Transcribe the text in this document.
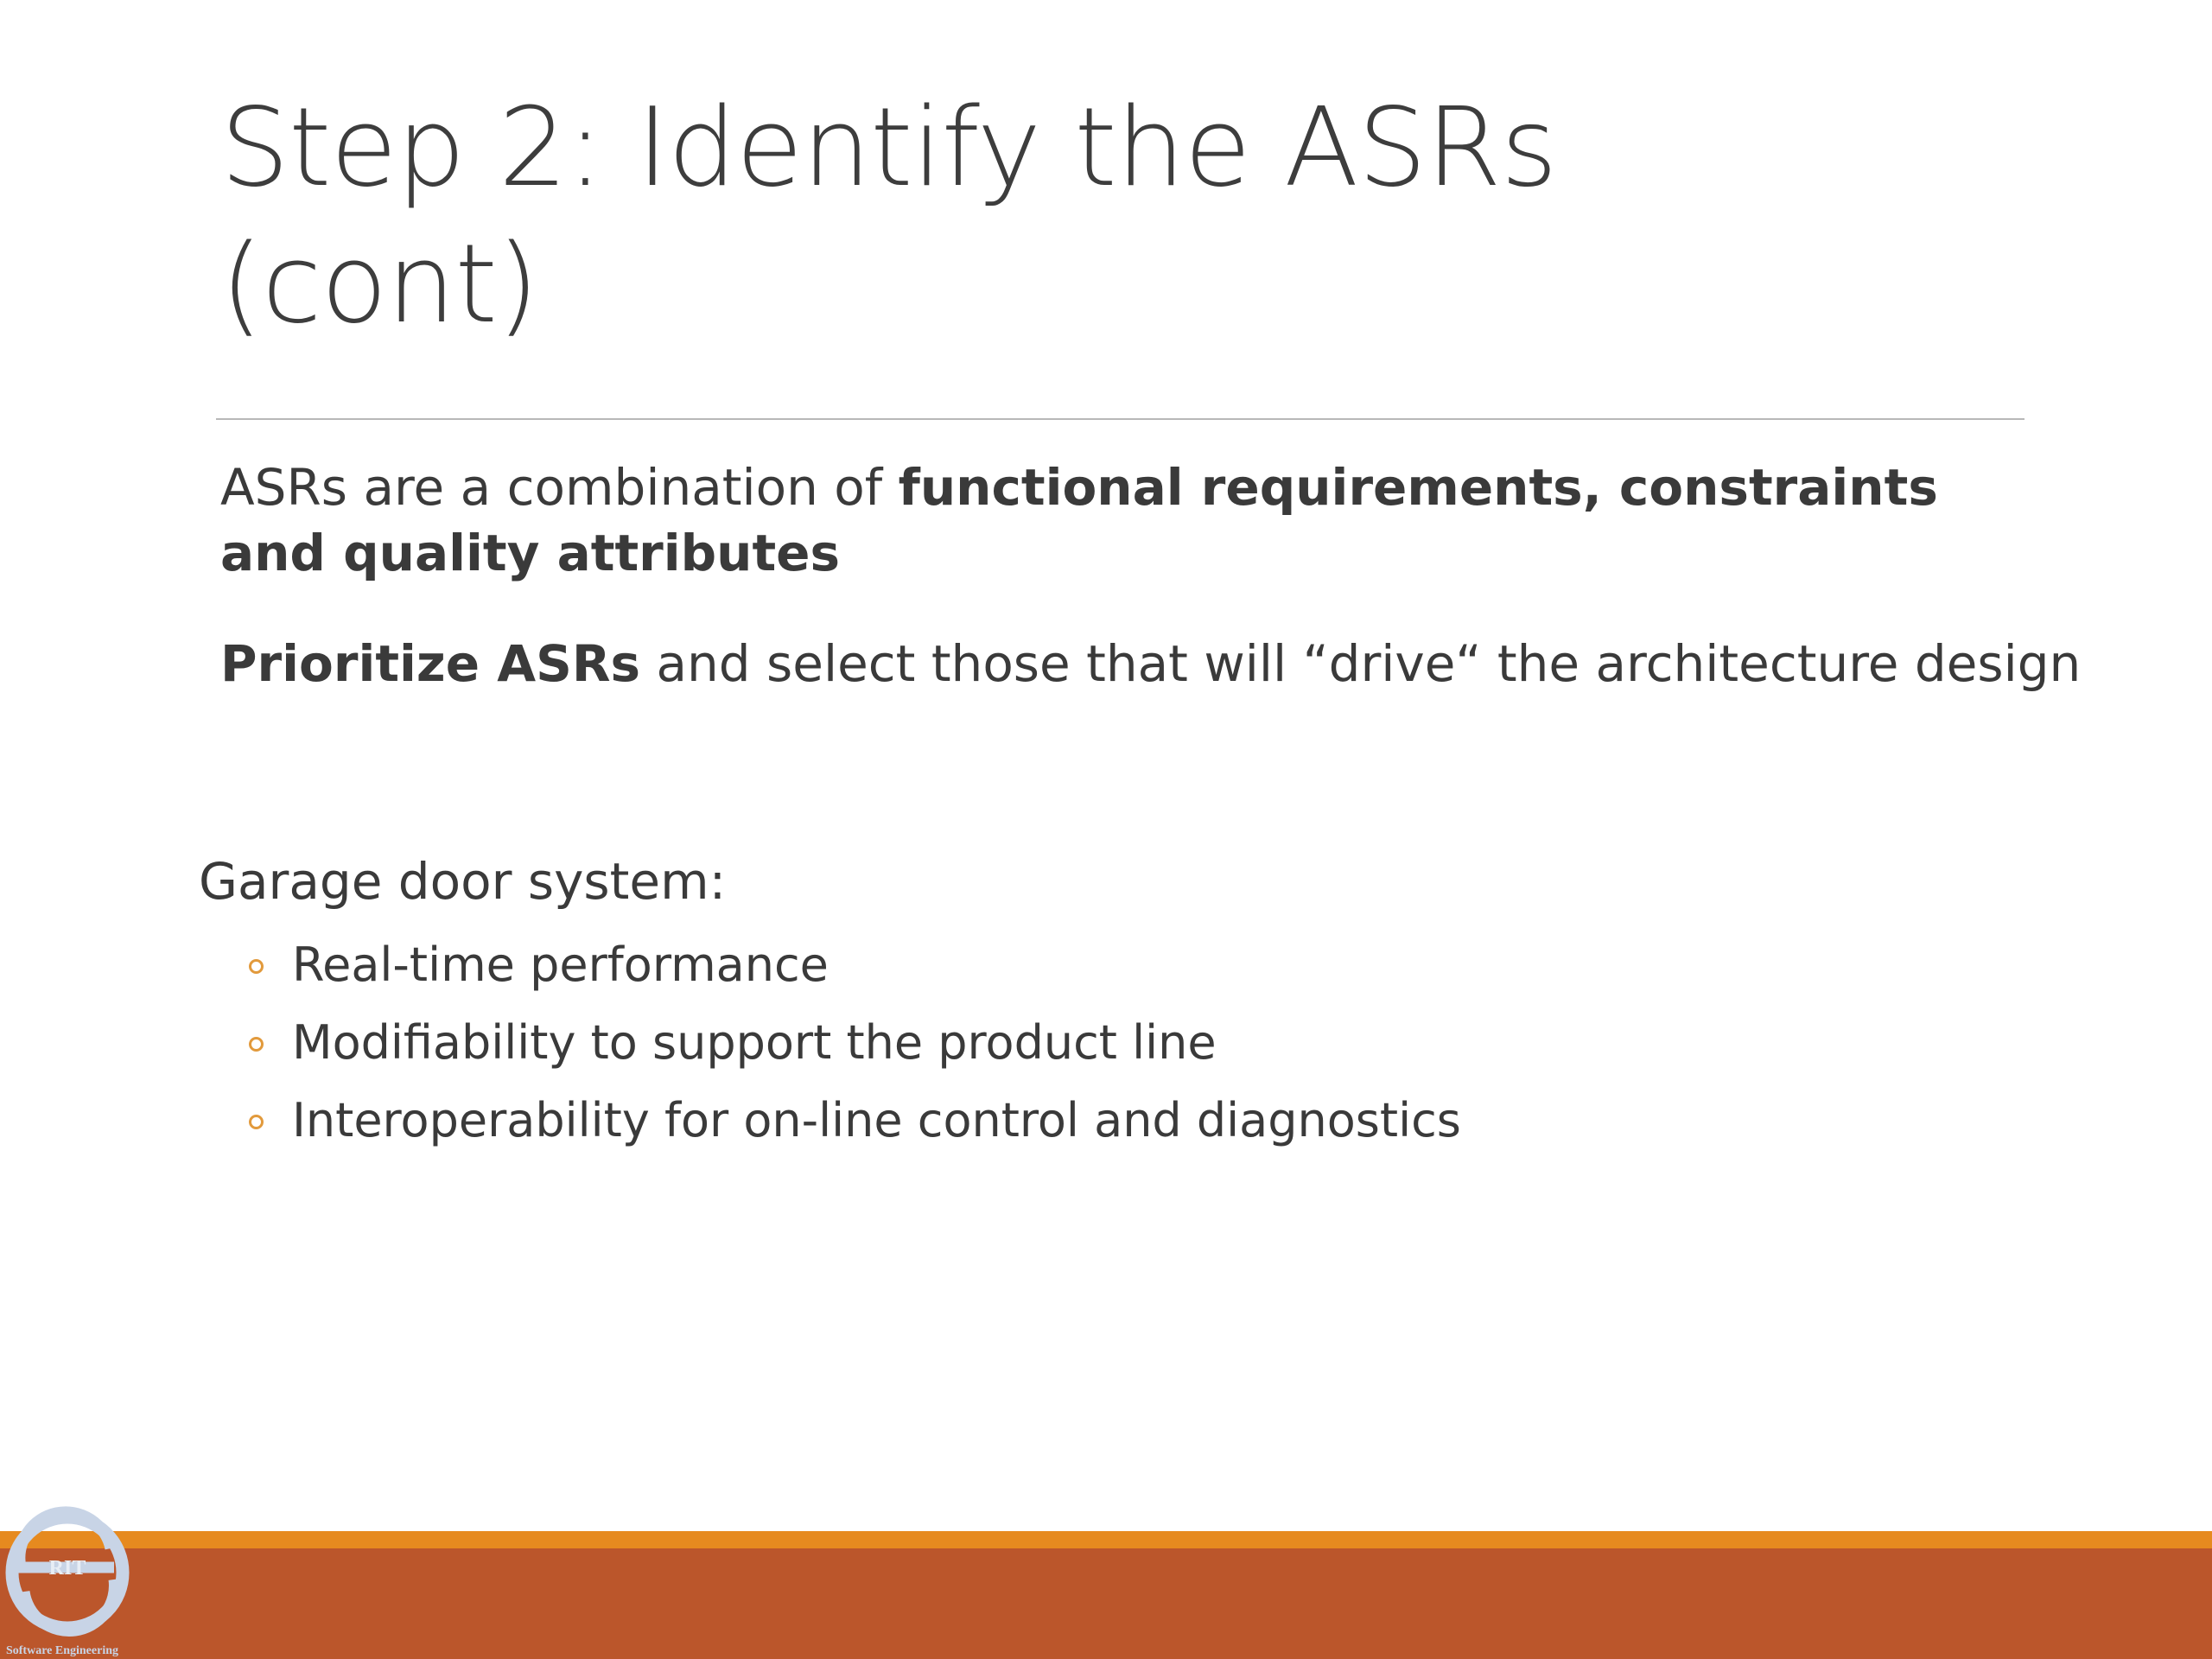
Step 2: Identify the ASRs
(cont)

ASRs are a combination of functional requirements, constraints and quality attributes

Prioritize ASRs and select those that will “drive“ the architecture design

Garage door system:

Real-time performance
Modifiability to support the product line
Interoperability for on-line control and diagnostics
RIT
Software Engineering
